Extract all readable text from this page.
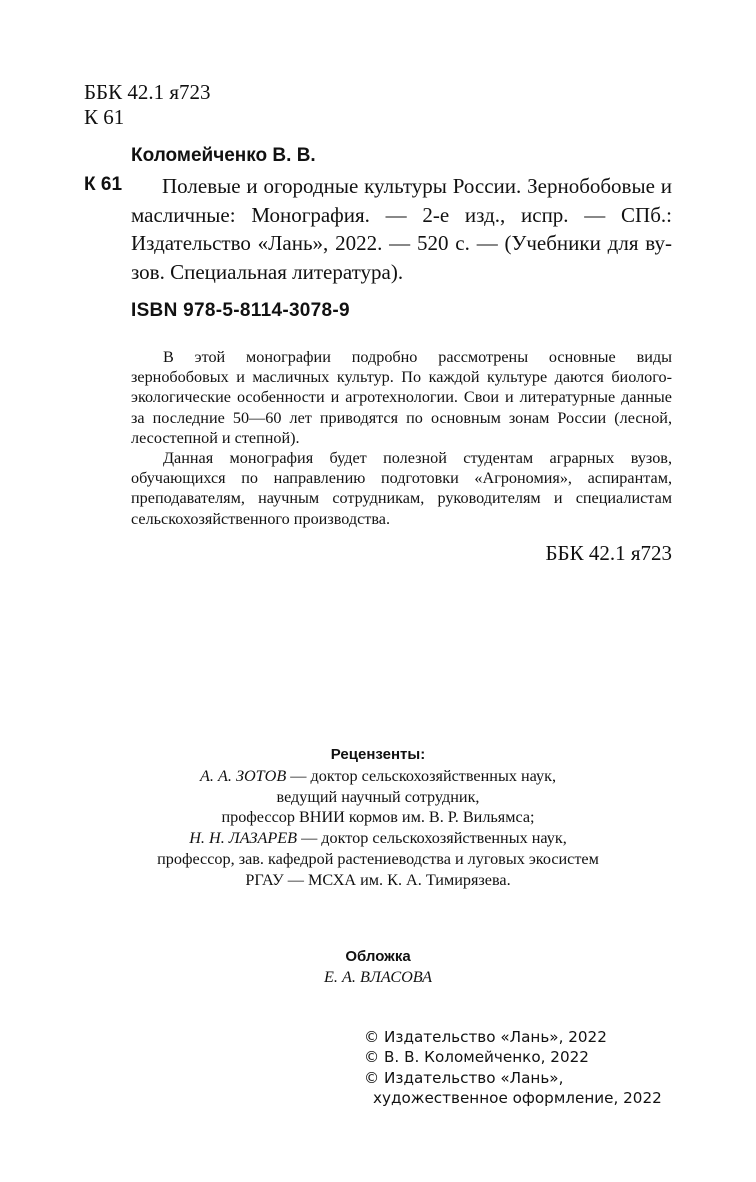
ББК 42.1 я723
К 61
Коломейченко В. В.
К 61	Полевые и огородные культуры России. Зернобобовые и масличные: Монография. — 2-е изд., испр. — СПб.: Издательство «Лань», 2022. — 520 с. — (Учебники для вузов. Специальная литература).
ISBN 978-5-8114-3078-9

В этой монографии подробно рассмотрены основные виды зернобобовых и масличных культур. По каждой культуре даются биолого-экологические особенности и агротехнологии. Свои и литературные данные за последние 50—60 лет приводятся по основным зонам России (лесной, лесостепной и степной).

Данная монография будет полезной студентам аграрных вузов, обучающихся по направлению подготовки «Агрономия», аспирантам, преподавателям, научным сотрудникам, руководителям и специалистам сельскохозяйственного производства.

ББК 42.1 я723
Рецензенты:
А. А. ЗОТОВ — доктор сельскохозяйственных наук,
ведущий научный сотрудник,
профессор ВНИИ кормов им. В. Р. Вильямса;
Н. Н. ЛАЗАРЕВ — доктор сельскохозяйственных наук,
профессор, зав. кафедрой растениеводства и луговых экосистем
РГАУ — МСХА им. К. А. Тимирязева.
Обложка
Е. А. ВЛАСОВА
© Издательство «Лань», 2022
© В. В. Коломейченко, 2022
© Издательство «Лань»,
художественное оформление, 2022
